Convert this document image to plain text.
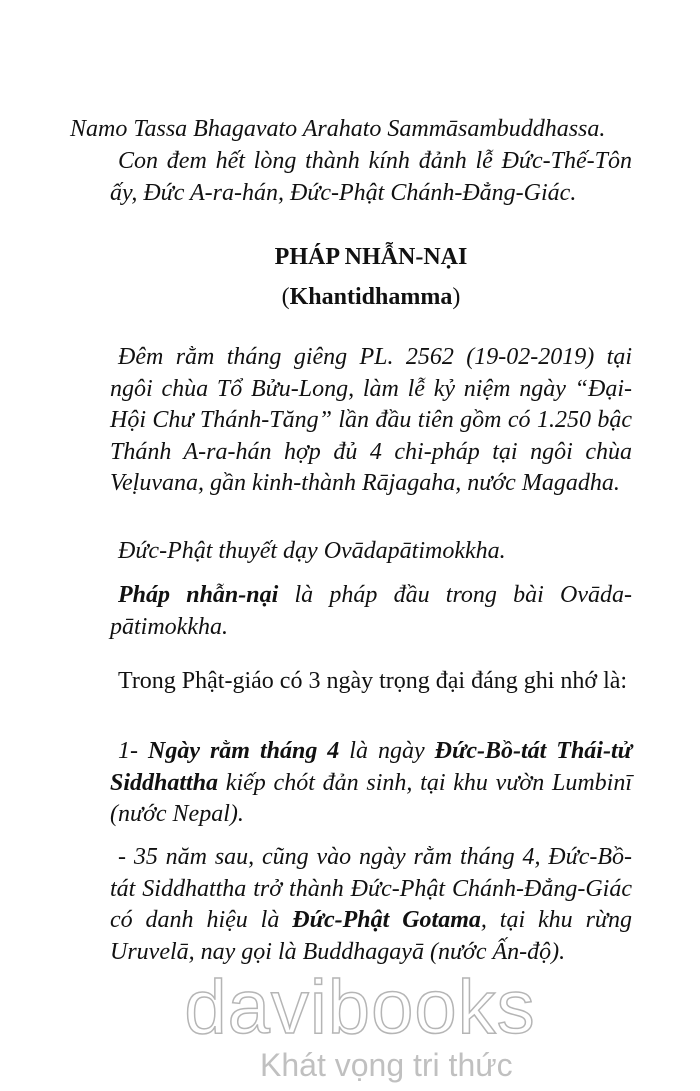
Namo Tassa Bhagavato Arahato Sammāsambuddhassa.
Con đem hết lòng thành kính đảnh lễ Đức-Thế-Tôn ấy, Đức A-ra-hán, Đức-Phật Chánh-Đẳng-Giác.
PHÁP NHẪN-NẠI
(Khantidhamma)
Đêm rằm tháng giêng PL. 2562 (19-02-2019) tại ngôi chùa Tổ Bửu-Long, làm lễ kỷ niệm ngày “Đại-Hội Chư Thánh-Tăng” lần đầu tiên gồm có 1.250 bậc Thánh A-ra-hán hợp đủ 4 chi-pháp tại ngôi chùa Veḷuvana, gần kinh-thành Rājagaha, nước Magadha.
Đức-Phật thuyết dạy Ovādapātimokkha.
Pháp nhẫn-nại là pháp đầu trong bài Ovāda-pātimokkha.
Trong Phật-giáo có 3 ngày trọng đại đáng ghi nhớ là:
1- Ngày rằm tháng 4 là ngày Đức-Bồ-tát Thái-tử Siddhattha kiếp chót đản sinh, tại khu vườn Lumbinī (nước Nepal).
- 35 năm sau, cũng vào ngày rằm tháng 4, Đức-Bồ-tát Siddhattha trở thành Đức-Phật Chánh-Đẳng-Giác có danh hiệu là Đức-Phật Gotama, tại khu rừng Uruvelā, nay gọi là Buddhagayā (nước Ấn-độ).
davibooks
Khát vọng tri thức
